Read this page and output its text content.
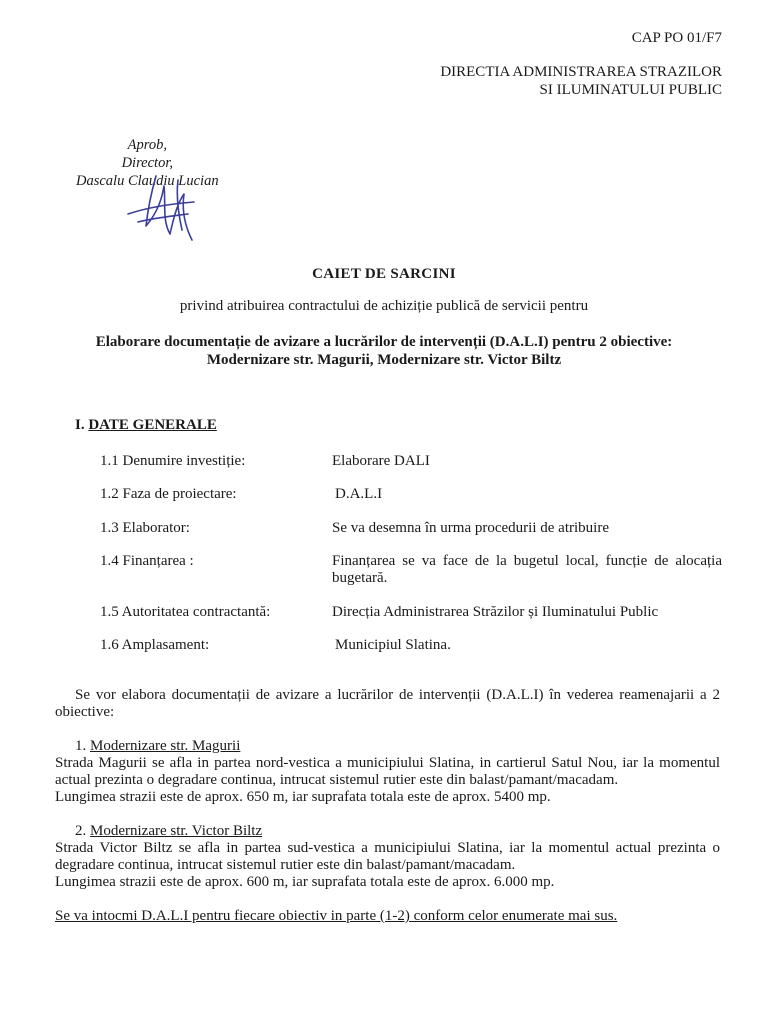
CAP PO 01/F7
DIRECTIA ADMINISTRAREA STRAZILOR
SI ILUMINATULUI PUBLIC
Aprob,
Director,
Dascalu Claudiu Lucian
CAIET DE SARCINI
privind atribuirea contractului de achiziție publică de servicii pentru
Elaborare documentație de avizare a lucrărilor de intervenții (D.A.L.I) pentru 2 obiective:
Modernizare str. Magurii, Modernizare str. Victor Biltz
I. DATE GENERALE
1.1 Denumire investiție:	Elaborare DALI
1.2 Faza de proiectare:	D.A.L.I
1.3 Elaborator:	Se va desemna în urma procedurii de atribuire
1.4 Finanțarea :	Finanțarea se va face de la bugetul local, funcție de alocația bugetară.
1.5 Autoritatea contractantă:	Direcția Administrarea Străzilor și Iluminatului Public
1.6 Amplasament:	Municipiul Slatina.
Se vor elabora documentații de avizare a lucrărilor de intervenții (D.A.L.I) în vederea reamenajarii a 2 obiective:
1. Modernizare str. Magurii
Strada Magurii se afla in partea nord-vestica a municipiului Slatina, in cartierul Satul Nou, iar la momentul actual prezinta o degradare continua, intrucat sistemul rutier este din balast/pamant/macadam.
Lungimea strazii este de aprox. 650 m, iar suprafata totala este de aprox. 5400 mp.
2. Modernizare str. Victor Biltz
Strada Victor Biltz se afla in partea sud-vestica a municipiului Slatina, iar la momentul actual prezinta o degradare continua, intrucat sistemul rutier este din balast/pamant/macadam.
Lungimea strazii este de aprox. 600 m, iar suprafata totala este de aprox. 6.000 mp.
Se va intocmi D.A.L.I pentru fiecare obiectiv in parte (1-2) conform celor enumerate mai sus.
